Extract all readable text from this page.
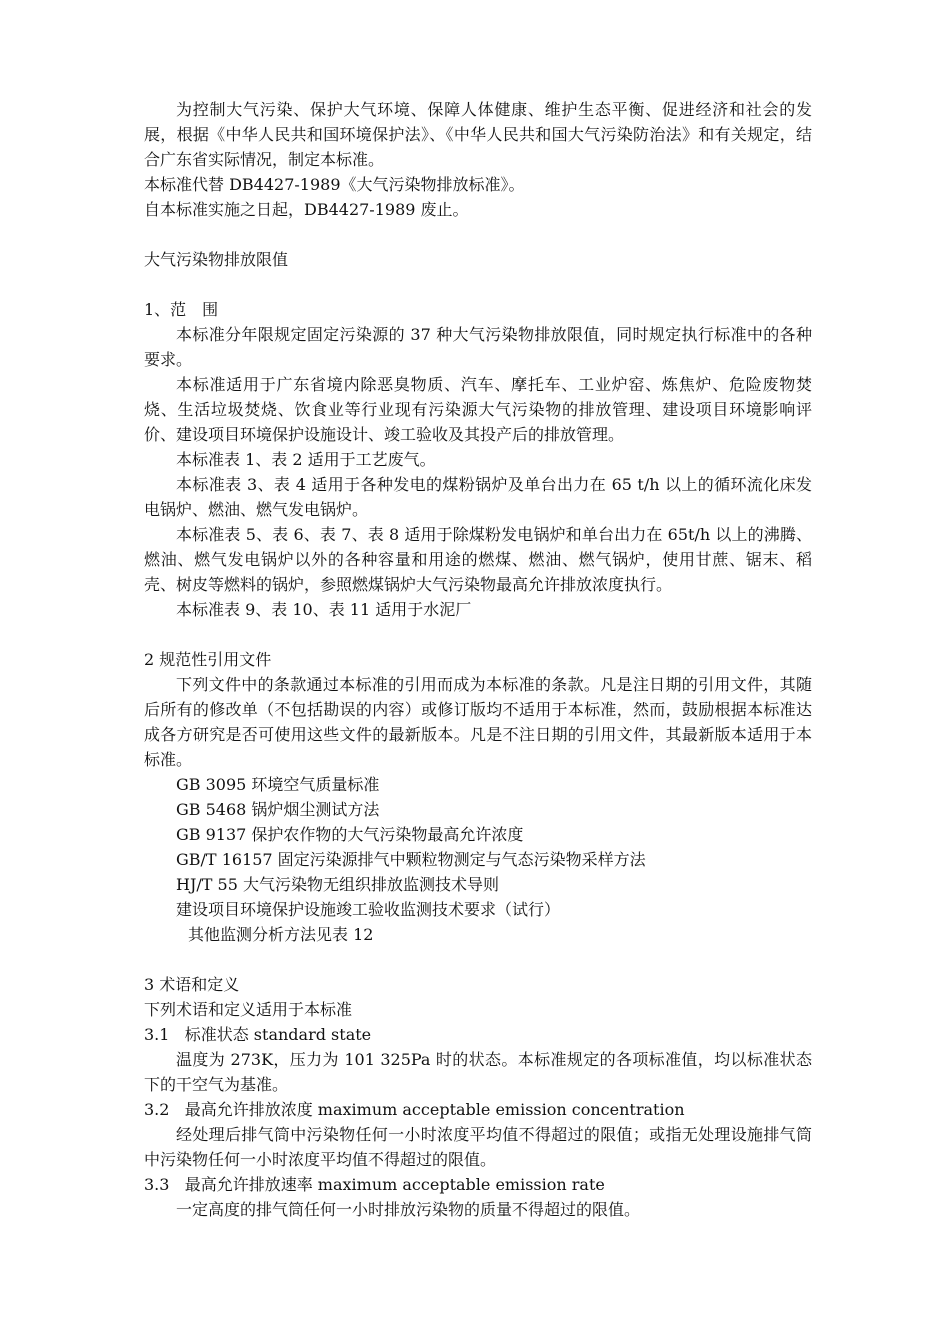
为控制大气污染、保护大气环境、保障人体健康、维护生态平衡、促进经济和社会的发展，根据《中华人民共和国环境保护法》、《中华人民共和国大气污染防治法》和有关规定，结合广东省实际情况，制定本标准。

本标准代替 DB4427-1989《大气污染物排放标准》。

自本标准实施之日起，DB4427-1989 废止。

大气污染物排放限值

1、范　围

本标准分年限规定固定污染源的 37 种大气污染物排放限值，同时规定执行标准中的各种要求。

本标准适用于广东省境内除恶臭物质、汽车、摩托车、工业炉窑、炼焦炉、危险废物焚烧、生活垃圾焚烧、饮食业等行业现有污染源大气污染物的排放管理、建设项目环境影响评价、建设项目环境保护设施设计、竣工验收及其投产后的排放管理。

本标准表 1、表 2 适用于工艺废气。

本标准表 3、表 4 适用于各种发电的煤粉锅炉及单台出力在 65 t/h 以上的循环流化床发电锅炉、燃油、燃气发电锅炉。

本标准表 5、表 6、表 7、表 8 适用于除煤粉发电锅炉和单台出力在 65t/h 以上的沸腾、燃油、燃气发电锅炉以外的各种容量和用途的燃煤、燃油、燃气锅炉，使用甘蔗、锯末、稻壳、树皮等燃料的锅炉，参照燃煤锅炉大气污染物最高允许排放浓度执行。

本标准表 9、表 10、表 11 适用于水泥厂

2 规范性引用文件

下列文件中的条款通过本标准的引用而成为本标准的条款。凡是注日期的引用文件，其随后所有的修改单（不包括勘误的内容）或修订版均不适用于本标准，然而，鼓励根据本标准达成各方研究是否可使用这些文件的最新版本。凡是不注日期的引用文件，其最新版本适用于本标准。

GB 3095 环境空气质量标准

GB 5468 锅炉烟尘测试方法

GB 9137 保护农作物的大气污染物最高允许浓度

GB/T 16157 固定污染源排气中颗粒物测定与气态污染物采样方法

HJ/T 55 大气污染物无组织排放监测技术导则

建设项目环境保护设施竣工验收监测技术要求（试行）

其他监测分析方法见表 12

3 术语和定义

下列术语和定义适用于本标准

3.1 标准状态 standard state

温度为 273K，压力为 101 325Pa 时的状态。本标准规定的各项标准值，均以标准状态下的干空气为基准。

3.2 最高允许排放浓度 maximum acceptable emission concentration

经处理后排气筒中污染物任何一小时浓度平均值不得超过的限值；或指无处理设施排气筒中污染物任何一小时浓度平均值不得超过的限值。

3.3 最高允许排放速率 maximum acceptable emission rate

一定高度的排气筒任何一小时排放污染物的质量不得超过的限值。
